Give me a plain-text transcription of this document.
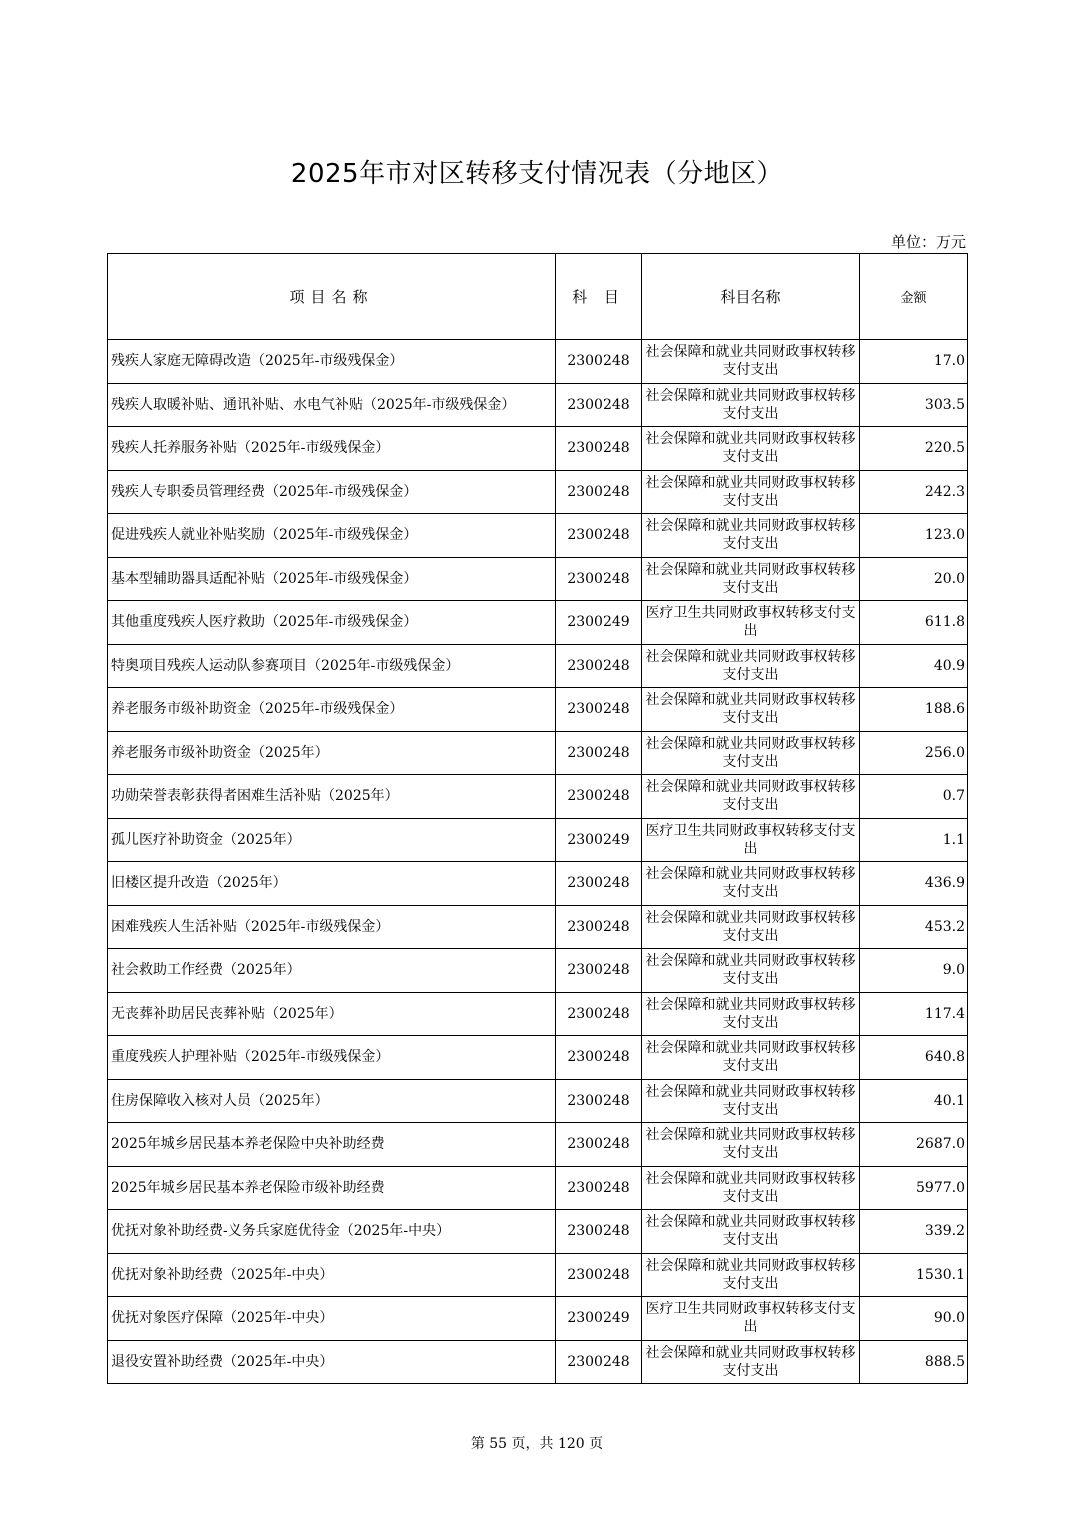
2025年市对区转移支付情况表（分地区）
单位：万元
项目名称	科 目	科目名称	金额
残疾人家庭无障碍改造（2025年-市级残保金）	2300248	社会保障和就业共同财政事权转移支付支出	17.0
残疾人取暖补贴、通讯补贴、水电气补贴（2025年-市级残保金）	2300248	社会保障和就业共同财政事权转移支付支出	303.5
残疾人托养服务补贴（2025年-市级残保金）	2300248	社会保障和就业共同财政事权转移支付支出	220.5
残疾人专职委员管理经费（2025年-市级残保金）	2300248	社会保障和就业共同财政事权转移支付支出	242.3
促进残疾人就业补贴奖励（2025年-市级残保金）	2300248	社会保障和就业共同财政事权转移支付支出	123.0
基本型辅助器具适配补贴（2025年-市级残保金）	2300248	社会保障和就业共同财政事权转移支付支出	20.0
其他重度残疾人医疗救助（2025年-市级残保金）	2300249	医疗卫生共同财政事权转移支付支出	611.8
特奥项目残疾人运动队参赛项目（2025年-市级残保金）	2300248	社会保障和就业共同财政事权转移支付支出	40.9
养老服务市级补助资金（2025年-市级残保金）	2300248	社会保障和就业共同财政事权转移支付支出	188.6
养老服务市级补助资金（2025年）	2300248	社会保障和就业共同财政事权转移支付支出	256.0
功勋荣誉表彰获得者困难生活补贴（2025年）	2300248	社会保障和就业共同财政事权转移支付支出	0.7
孤儿医疗补助资金（2025年）	2300249	医疗卫生共同财政事权转移支付支出	1.1
旧楼区提升改造（2025年）	2300248	社会保障和就业共同财政事权转移支付支出	436.9
困难残疾人生活补贴（2025年-市级残保金）	2300248	社会保障和就业共同财政事权转移支付支出	453.2
社会救助工作经费（2025年）	2300248	社会保障和就业共同财政事权转移支付支出	9.0
无丧葬补助居民丧葬补贴（2025年）	2300248	社会保障和就业共同财政事权转移支付支出	117.4
重度残疾人护理补贴（2025年-市级残保金）	2300248	社会保障和就业共同财政事权转移支付支出	640.8
住房保障收入核对人员（2025年）	2300248	社会保障和就业共同财政事权转移支付支出	40.1
2025年城乡居民基本养老保险中央补助经费	2300248	社会保障和就业共同财政事权转移支付支出	2687.0
2025年城乡居民基本养老保险市级补助经费	2300248	社会保障和就业共同财政事权转移支付支出	5977.0
优抚对象补助经费-义务兵家庭优待金（2025年-中央）	2300248	社会保障和就业共同财政事权转移支付支出	339.2
优抚对象补助经费（2025年-中央）	2300248	社会保障和就业共同财政事权转移支付支出	1530.1
优抚对象医疗保障（2025年-中央）	2300249	医疗卫生共同财政事权转移支付支出	90.0
退役安置补助经费（2025年-中央）	2300248	社会保障和就业共同财政事权转移支付支出	888.5
第 55 页，共 120 页
